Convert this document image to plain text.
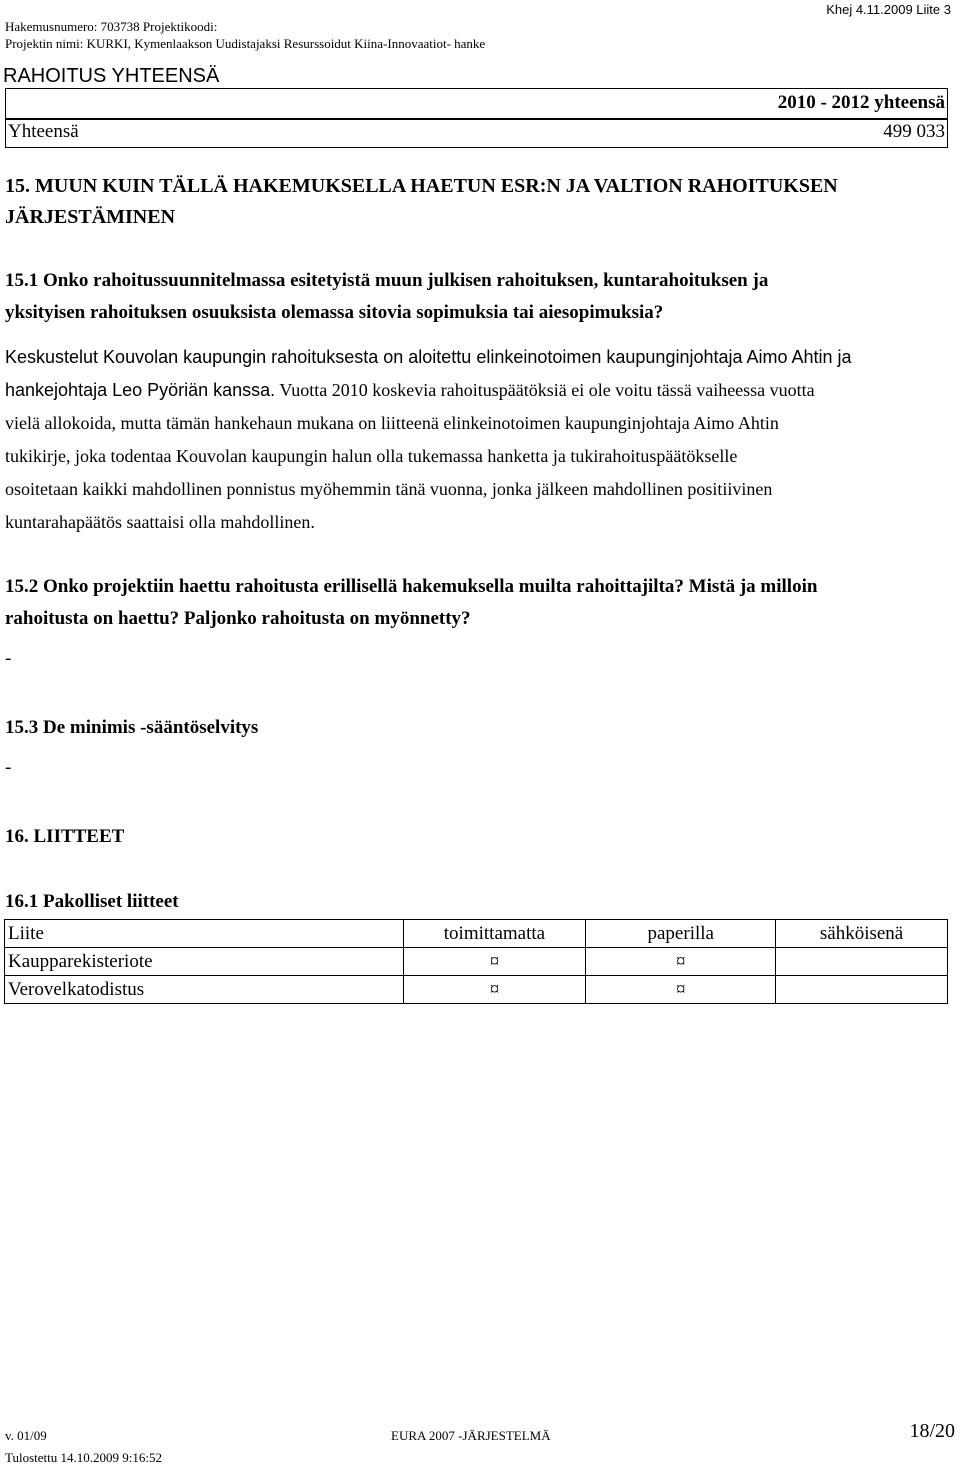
Hakemusnumero: 703738 Projektikoodi:
Projektin nimi: KURKI, Kymenlaakson Uudistajaksi Resurssoidut Kiina-Innovaatiot- hanke
Khej 4.11.2009 Liite 3
RAHOITUS YHTEENSÄ
2010 - 2012 yhteensä
Yhteensä	499 033
15. MUUN KUIN TÄLLÄ HAKEMUKSELLA HAETUN ESR:N JA VALTION RAHOITUKSEN
JÄRJESTÄMINEN
15.1 Onko rahoitussuunnitelmassa esitetyistä muun julkisen rahoituksen, kuntarahoituksen ja
yksityisen rahoituksen osuuksista olemassa sitovia sopimuksia tai aiesopimuksia?
Keskustelut Kouvolan kaupungin rahoituksesta on aloitettu elinkeinotoimen kaupunginjohtaja Aimo Ahtin ja
hankejohtaja Leo Pyöriän kanssa. Vuotta 2010 koskevia rahoituspäätöksiä ei ole voitu tässä vaiheessa vuotta
vielä allokoida, mutta tämän hankehaun mukana on liitteenä elinkeinotoimen kaupunginjohtaja Aimo Ahtin
tukikirje, joka todentaa Kouvolan kaupungin halun olla tukemassa hanketta ja tukirahoituspäätökselle
osoitetaan kaikki mahdollinen ponnistus myöhemmin tänä vuonna, jonka jälkeen mahdollinen positiivinen
kuntarahapäätös saattaisi olla mahdollinen.
15.2 Onko projektiin haettu rahoitusta erillisellä hakemuksella muilta rahoittajilta? Mistä ja milloin
rahoitusta on haettu? Paljonko rahoitusta on myönnetty?
-
15.3 De minimis -sääntöselvitys
-
16. LIITTEET
16.1 Pakolliset liitteet
Liite	toimittamatta	paperilla	sähköisenä
Kaupparekisteriote	¤	¤	
Verovelkatodistus	¤	¤	
v. 01/09	EURA 2007 -JÄRJESTELMÄ	18/20
Tulostettu 14.10.2009 9:16:52
